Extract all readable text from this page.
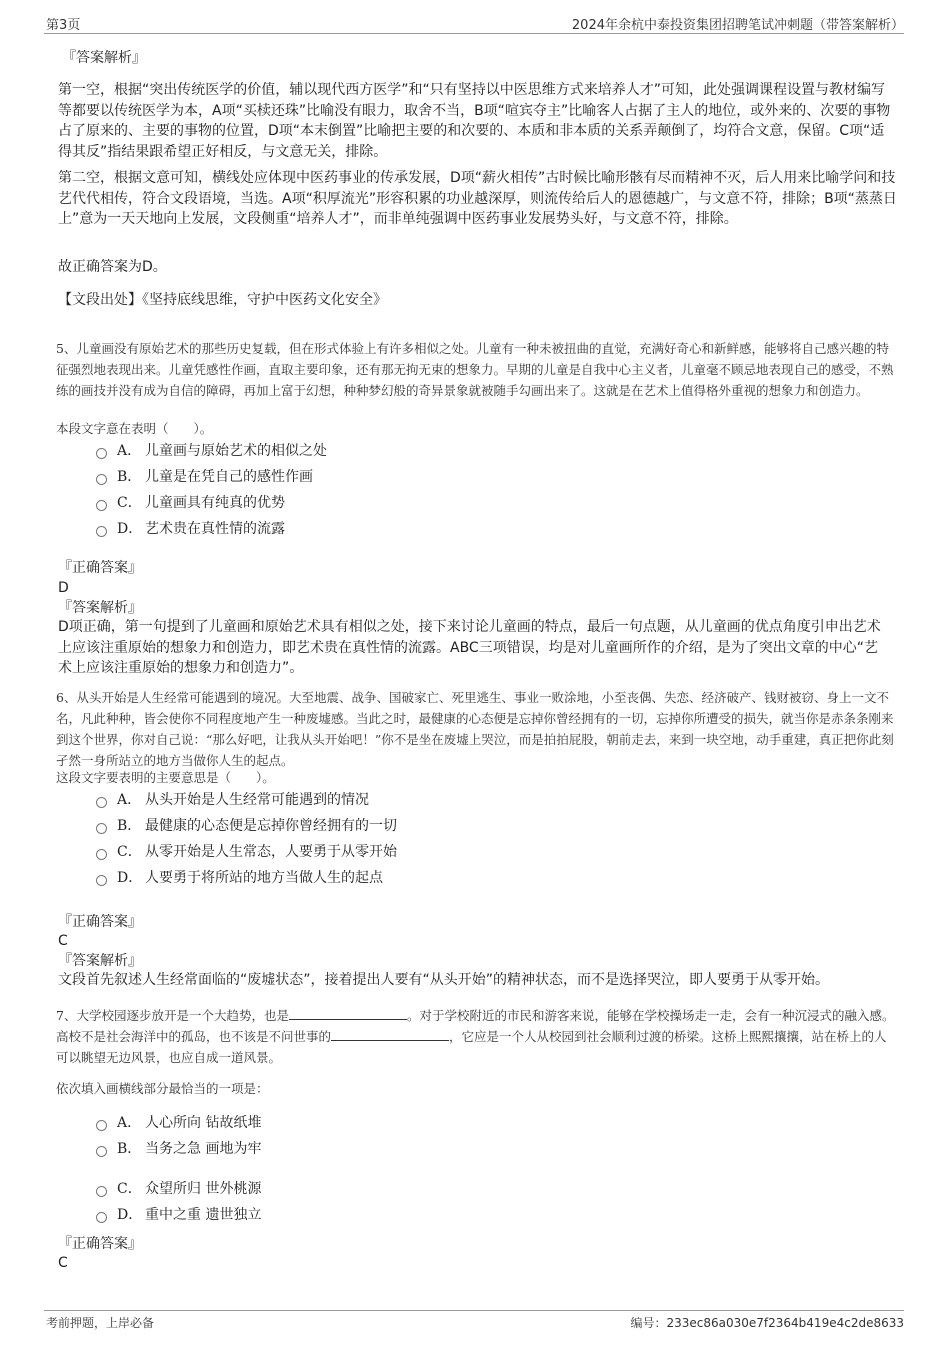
第3页	2024年余杭中泰投资集团招聘笔试冲刺题（带答案解析）
『答案解析』
第一空，根据“突出传统医学的价值，辅以现代西方医学”和“只有坚持以中医思维方式来培养人才”可知，此处强调课程设置与教材编写等都要以传统医学为本，A项“买椟还珠”比喻没有眼力，取舍不当，B项“喧宾夺主”比喻客人占据了主人的地位，或外来的、次要的事物占了原来的、主要的事物的位置，D项“本末倒置”比喻把主要的和次要的、本质和非本质的关系弄颠倒了，均符合文意，保留。C项“适得其反”指结果跟希望正好相反，与文意无关，排除。
第二空，根据文意可知，横线处应体现中医药事业的传承发展，D项“薪火相传”古时候比喻形骸有尽而精神不灭，后人用来比喻学问和技艺代代相传，符合文段语境，当选。A项“积厚流光”形容积累的功业越深厚，则流传给后人的恩德越广，与文意不符，排除；B项“蒸蒸日上”意为一天天地向上发展，文段侧重“培养人才”，而非单纯强调中医药事业发展势头好，与文意不符，排除。
故正确答案为D。
【文段出处】《坚持底线思维，守护中医药文化安全》
5、儿童画没有原始艺术的那些历史复载，但在形式体验上有许多相似之处。儿童有一种未被扭曲的直觉，充满好奇心和新鲜感，能够将自己感兴趣的特征强烈地表现出来。儿童凭感性作画，直取主要印象，还有那无拘无束的想象力。早期的儿童是自我中心主义者，儿童毫不顾忌地表现自己的感受，不熟练的画技并没有成为自信的障碍，再加上富于幻想，种种梦幻般的奇异景象就被随手勾画出来了。这就是在艺术上值得格外重视的想象力和创造力。
本段文字意在表明（　　）。
A． 儿童画与原始艺术的相似之处
B． 儿童是在凭自己的感性作画
C． 儿童画具有纯真的优势
D． 艺术贵在真性情的流露
『正确答案』
D
『答案解析』
D项正确，第一句提到了儿童画和原始艺术具有相似之处，接下来讨论儿童画的特点，最后一句点题，从儿童画的优点角度引申出艺术上应该注重原始的想象力和创造力，即艺术贵在真性情的流露。ABC三项错误，均是对儿童画所作的介绍，是为了突出文章的中心“艺术上应该注重原始的想象力和创造力”。
6、从头开始是人生经常可能遇到的境况。大至地震、战争、国破家亡、死里逃生、事业一败涂地，小至丧偶、失恋、经济破产、钱财被窃、身上一文不名，凡此种种，皆会使你不同程度地产生一种废墟感。当此之时，最健康的心态便是忘掉你曾经拥有的一切，忘掉你所遭受的损失，就当你是赤条条刚来到这个世界，你对自己说：“那么好吧，让我从头开始吧！”你不是坐在废墟上哭泣，而是拍拍屁股，朝前走去，来到一块空地，动手重建，真正把你此刻孑然一身所站立的地方当做你人生的起点。
这段文字要表明的主要意思是（　　）。
A． 从头开始是人生经常可能遇到的情况
B． 最健康的心态便是忘掉你曾经拥有的一切
C． 从零开始是人生常态，人要勇于从零开始
D． 人要勇于将所站的地方当做人生的起点
『正确答案』
C
『答案解析』
文段首先叙述人生经常面临的“废墟状态”，接着提出人要有“从头开始”的精神状态，而不是选择哭泣，即人要勇于从零开始。
7、大学校园逐步放开是一个大趋势，也是	。对于学校附近的市民和游客来说，能够在学校操场走一走，会有一种沉浸式的融入感。高校不是社会海洋中的孤岛，也不该是不问世事的	，它应是一个人从校园到社会顺利过渡的桥梁。这桥上熙熙攘攘，站在桥上的人可以眺望无边风景，也应自成一道风景。
依次填入画横线部分最恰当的一项是：
A． 人心所向 钻故纸堆
B． 当务之急 画地为牢
C． 众望所归 世外桃源
D． 重中之重 遗世独立
『正确答案』
C
考前押题，上岸必备	编号：233ec86a030e7f2364b419e4c2de8633
